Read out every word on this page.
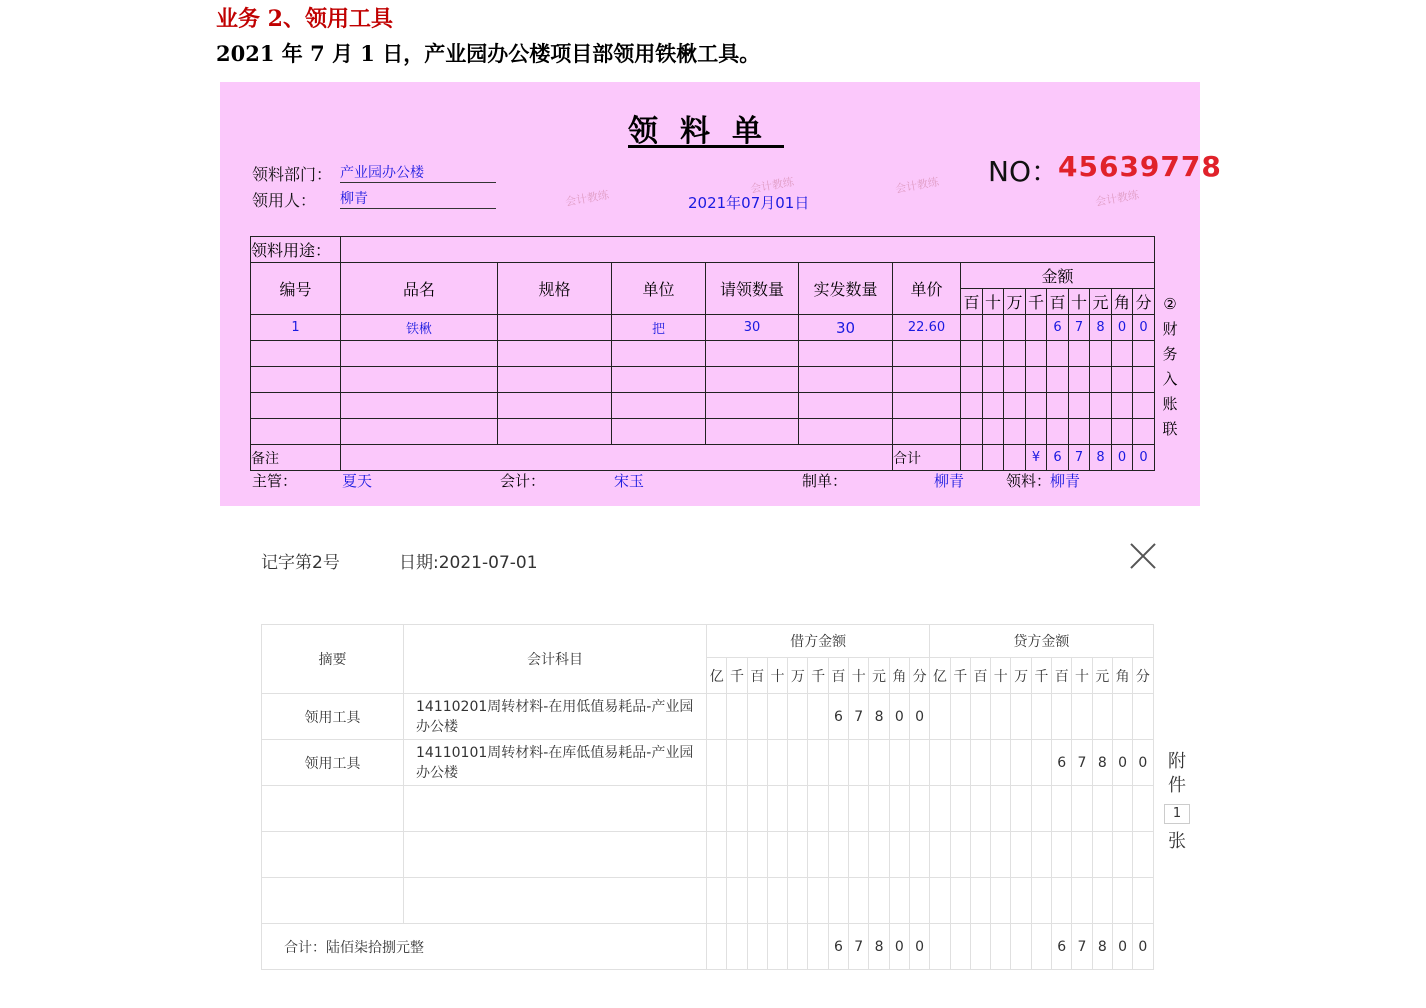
业务 2、领用工具
2021 年 7 月 1 日，产业园办公楼项目部领用铁楸工具。
领料单
会计教练
会计教练	会计教练
会计教练
领料部门： 产业园办公楼
领用人： 柳青	2021年07月01日
NO： 45639778
领料用途：															
编号	品名	规格	单位	请领数量	实发数量	单价	金额								
							百	十	万	千	百	十	元	角	分
1	铁楸		把	30	30	22.60					6	7	8	0	0

备注						合计				¥	6	7	8	0	0
②
财
务
入
账
联
主管：	夏天	会计：	宋玉	制单：	柳青	领料：
柳青
记字第2号	日期:2021-07-01
摘要	会计科目	借方金额											贷方金额										
		亿	千	百	十	万	千	百	十	元	角	分	亿	千	百	十	万	千	百	十	元	角	分
领用工具	14110201周转材料-在用低值易耗品-产业园办公楼							6	7	8	0	0											
领用工具	14110101周转材料-在库低值易耗品-产业园办公楼																		6	7	8	0	0

合计：陆佰柒拾捌元整								6	7	8	0	0							6	7	8	0	0
附
件
1
张
